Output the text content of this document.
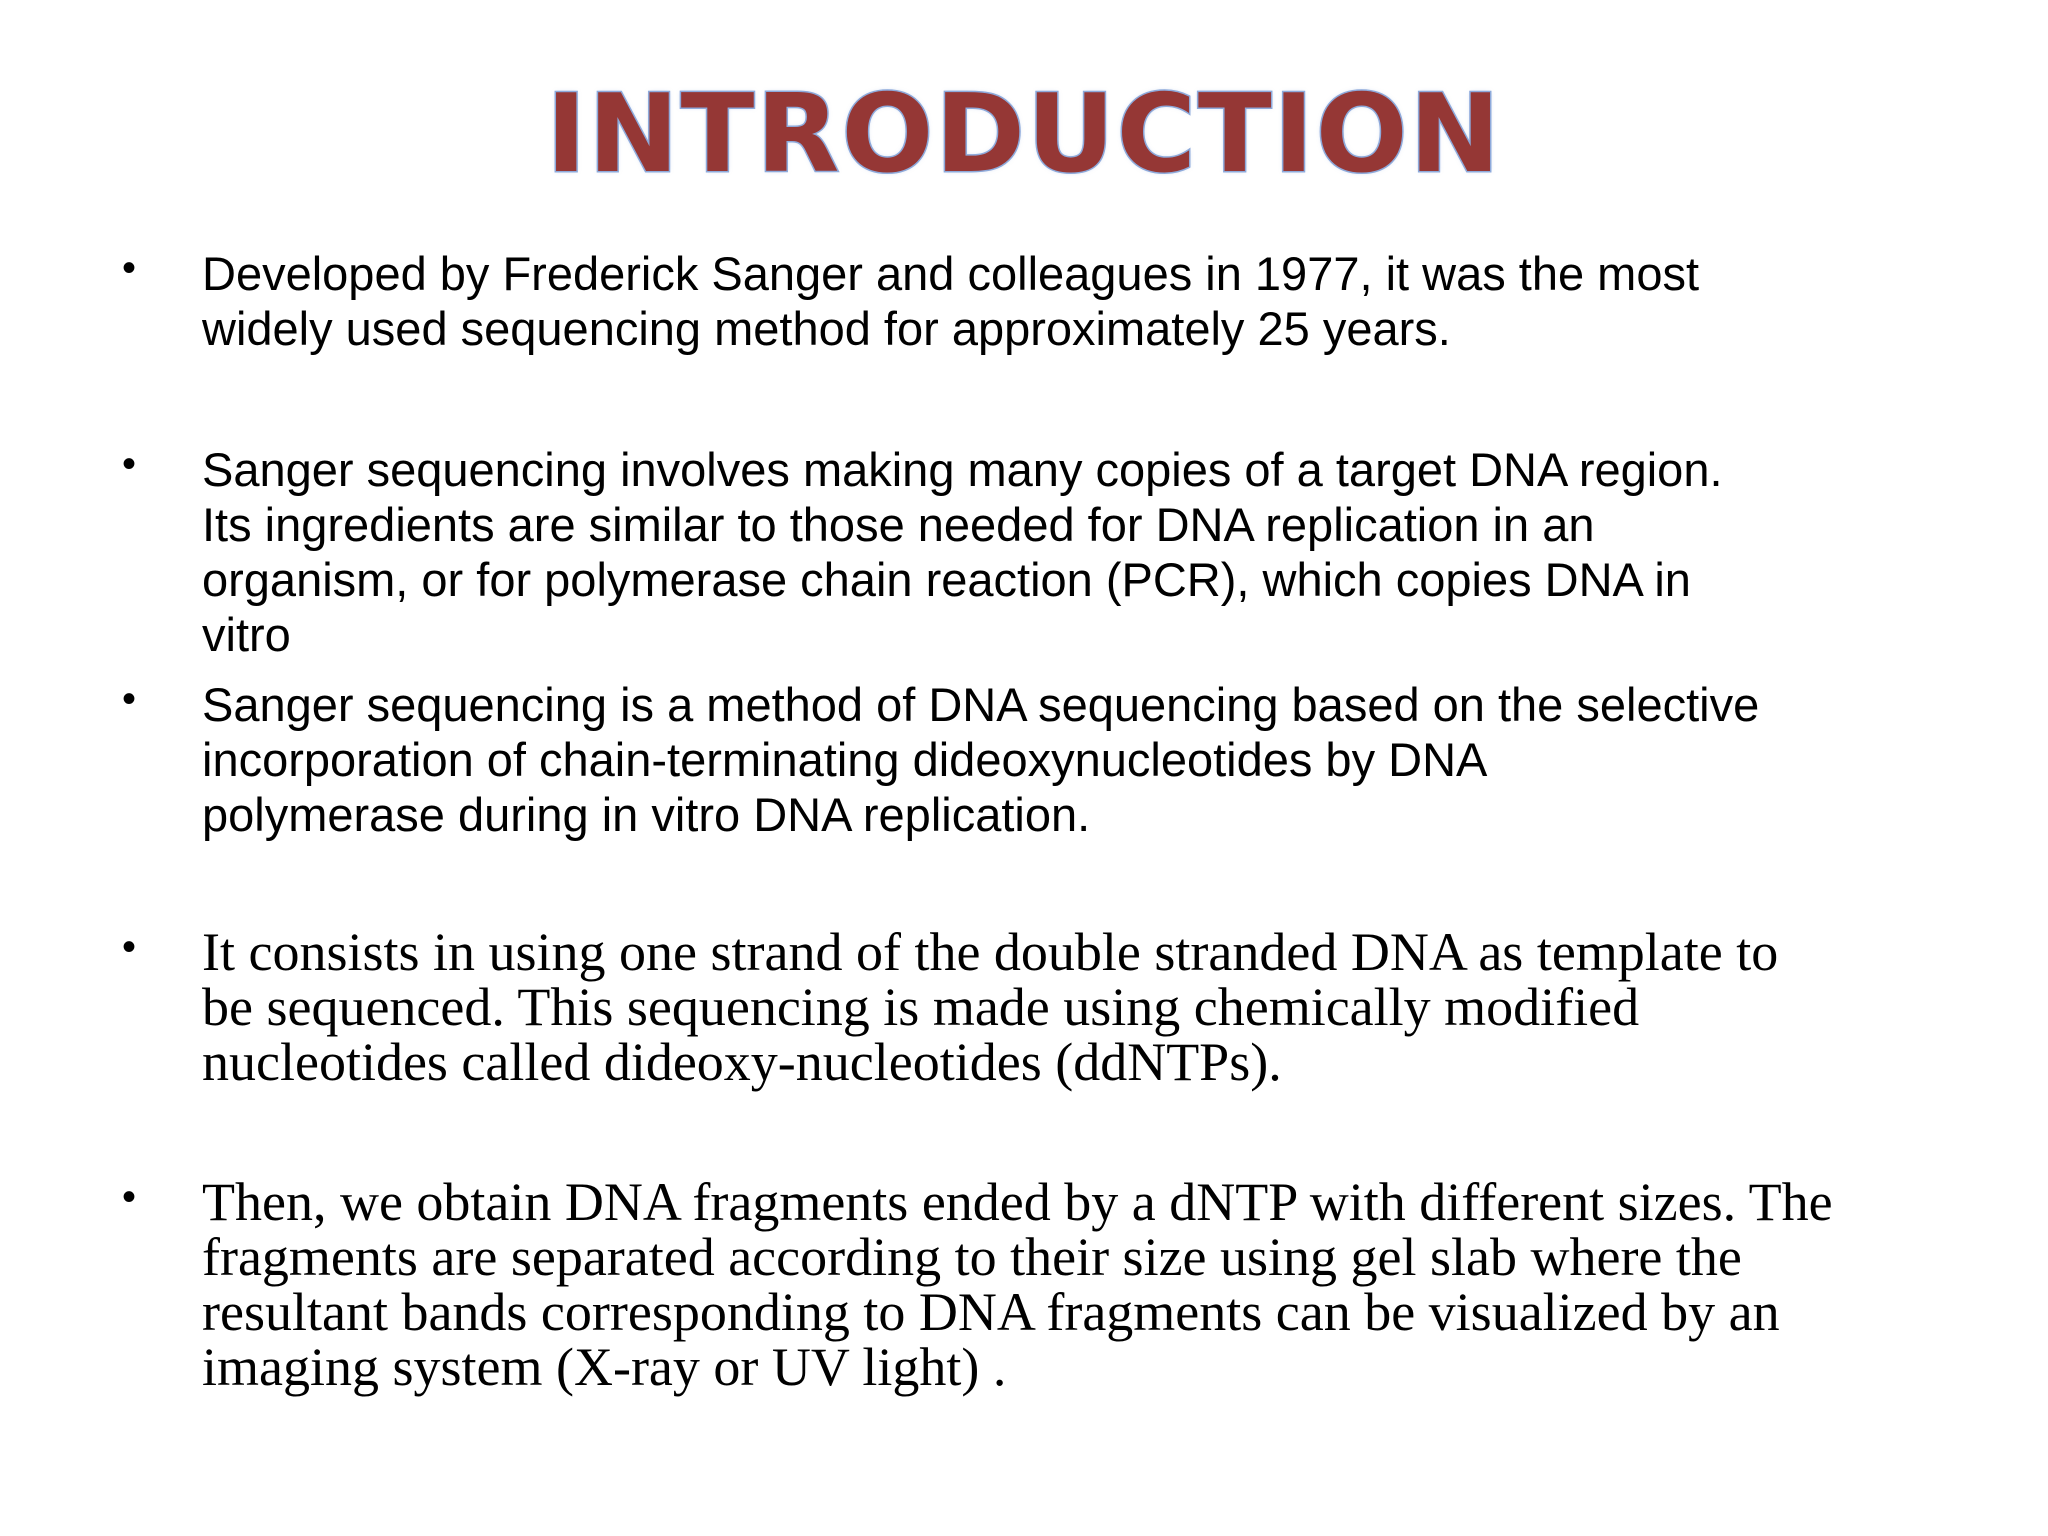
INTRODUCTION
•	Developed by Frederick Sanger and colleagues in 1977, it was the most
widely used sequencing method for approximately 25 years.
•	Sanger sequencing involves making many copies of a target DNA region.
Its ingredients are similar to those needed for DNA replication in an
organism, or for polymerase chain reaction (PCR), which copies DNA in
vitro
•	Sanger sequencing is a method of DNA sequencing based on the selective
incorporation of chain-terminating dideoxynucleotides by DNA
polymerase during in vitro DNA replication.
•	It consists in using one strand of the double stranded DNA as template to
be sequenced. This sequencing is made using chemically modified
nucleotides called dideoxy-nucleotides (ddNTPs).
•	Then, we obtain DNA fragments ended by a dNTP with different sizes. The
fragments are separated according to their size using gel slab where the
resultant bands corresponding to DNA fragments can be visualized by an
imaging system (X-ray or UV light) .
